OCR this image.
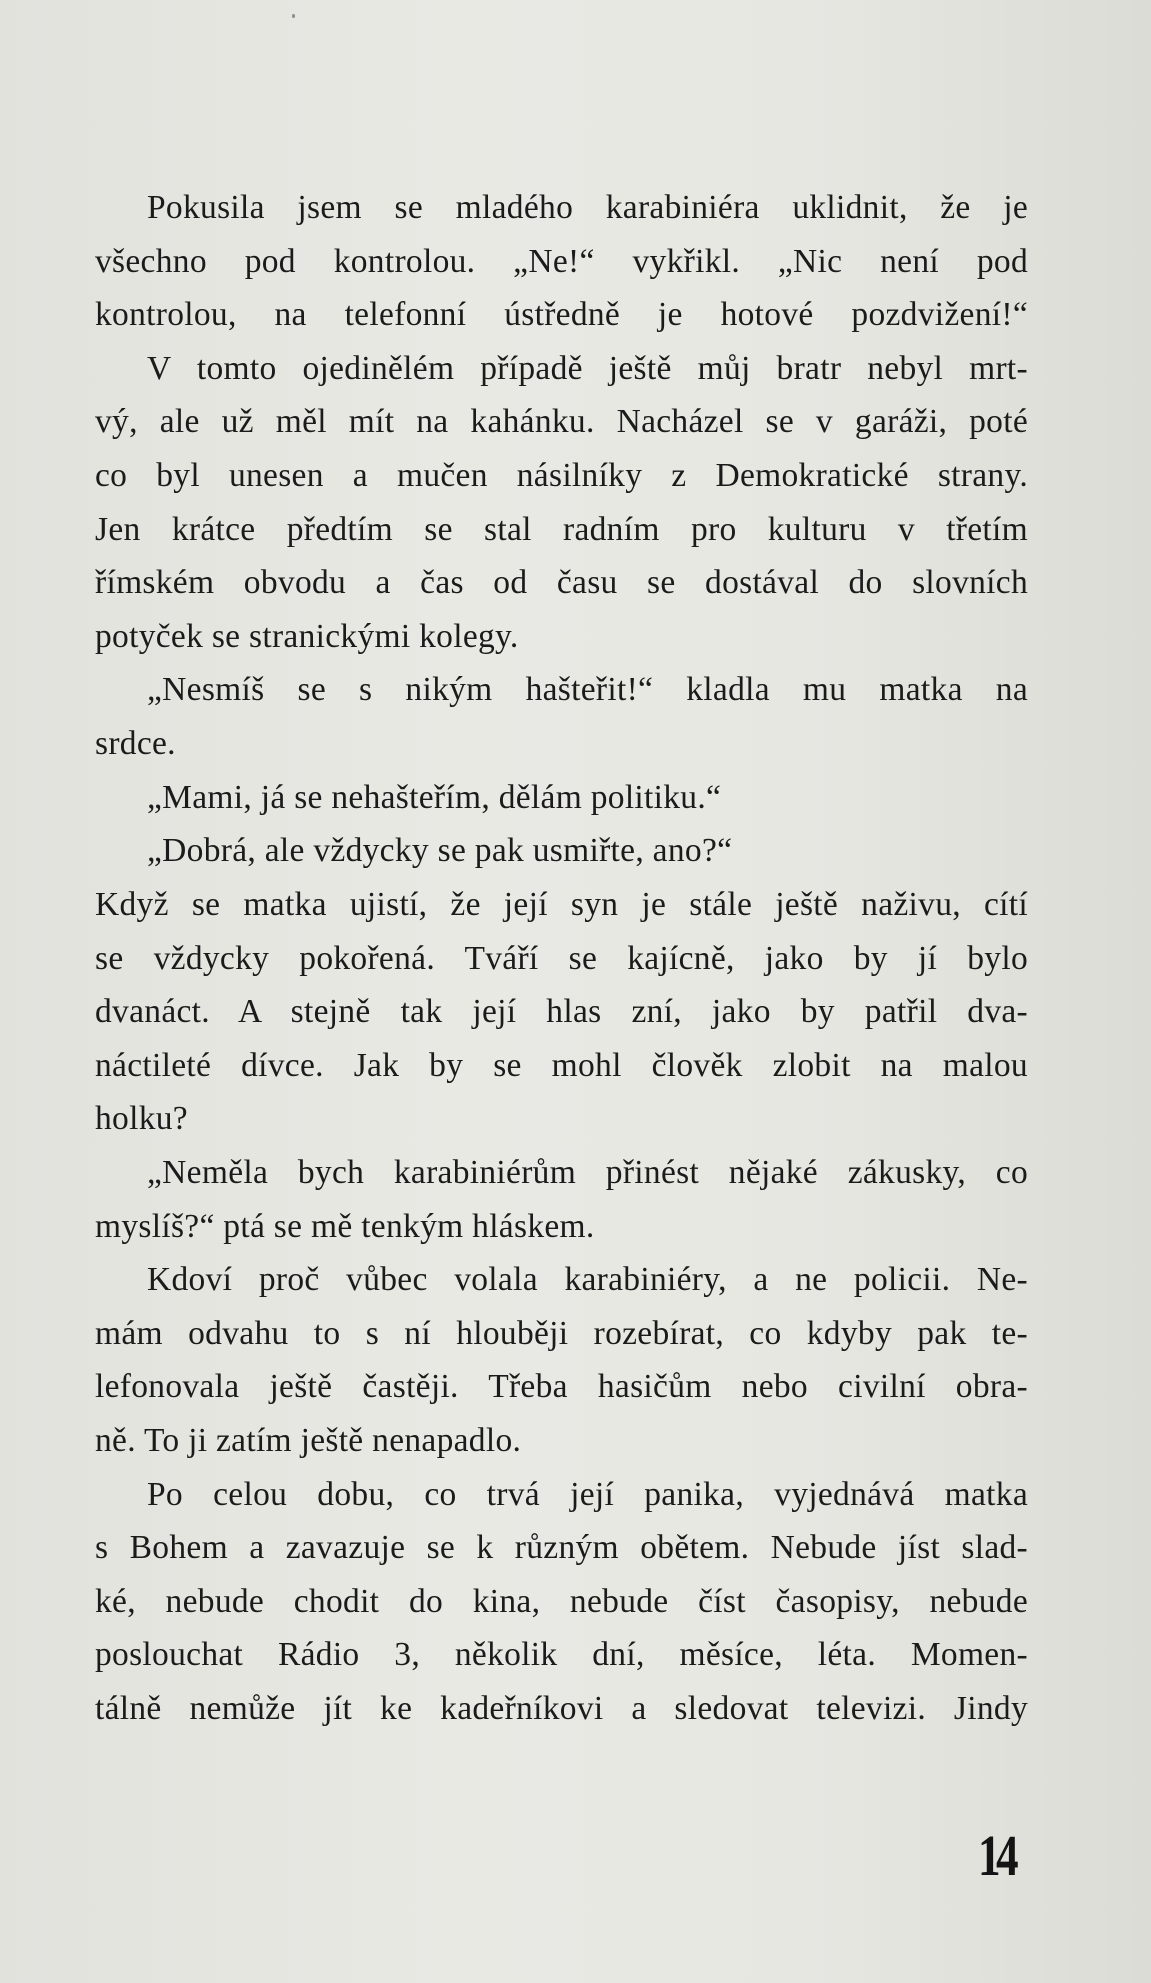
Pokusila jsem se mladého karabiniéra uklidnit, že je
všechno pod kontrolou. „Ne!“ vykřikl. „Nic není pod
kontrolou, na telefonní ústředně je hotové pozdvižení!“
V tomto ojedinělém případě ještě můj bratr nebyl mrt-
vý, ale už měl mít na kahánku. Nacházel se v garáži, poté
co byl unesen a mučen násilníky z Demokratické strany.
Jen krátce předtím se stal radním pro kulturu v třetím
římském obvodu a čas od času se dostával do slovních
potyček se stranickými kolegy.
„Nesmíš se s nikým hašteřit!“ kladla mu matka na
srdce.
„Mami, já se nehašteřím, dělám politiku.“
„Dobrá, ale vždycky se pak usmiřte, ano?“
Když se matka ujistí, že její syn je stále ještě naživu, cítí
se vždycky pokořená. Tváří se kajícně, jako by jí bylo
dvanáct. A stejně tak její hlas zní, jako by patřil dva-
náctileté dívce. Jak by se mohl člověk zlobit na malou
holku?
„Neměla bych karabiniérům přinést nějaké zákusky, co
myslíš?“ ptá se mě tenkým hláskem.
Kdoví proč vůbec volala karabiniéry, a ne policii. Ne-
mám odvahu to s ní hlouběji rozebírat, co kdyby pak te-
lefonovala ještě častěji. Třeba hasičům nebo civilní obra-
ně. To ji zatím ještě nenapadlo.
Po celou dobu, co trvá její panika, vyjednává matka
s Bohem a zavazuje se k různým obětem. Nebude jíst slad-
ké, nebude chodit do kina, nebude číst časopisy, nebude
poslouchat Rádio 3, několik dní, měsíce, léta. Momen-
tálně nemůže jít ke kadeřníkovi a sledovat televizi. Jindy
14
